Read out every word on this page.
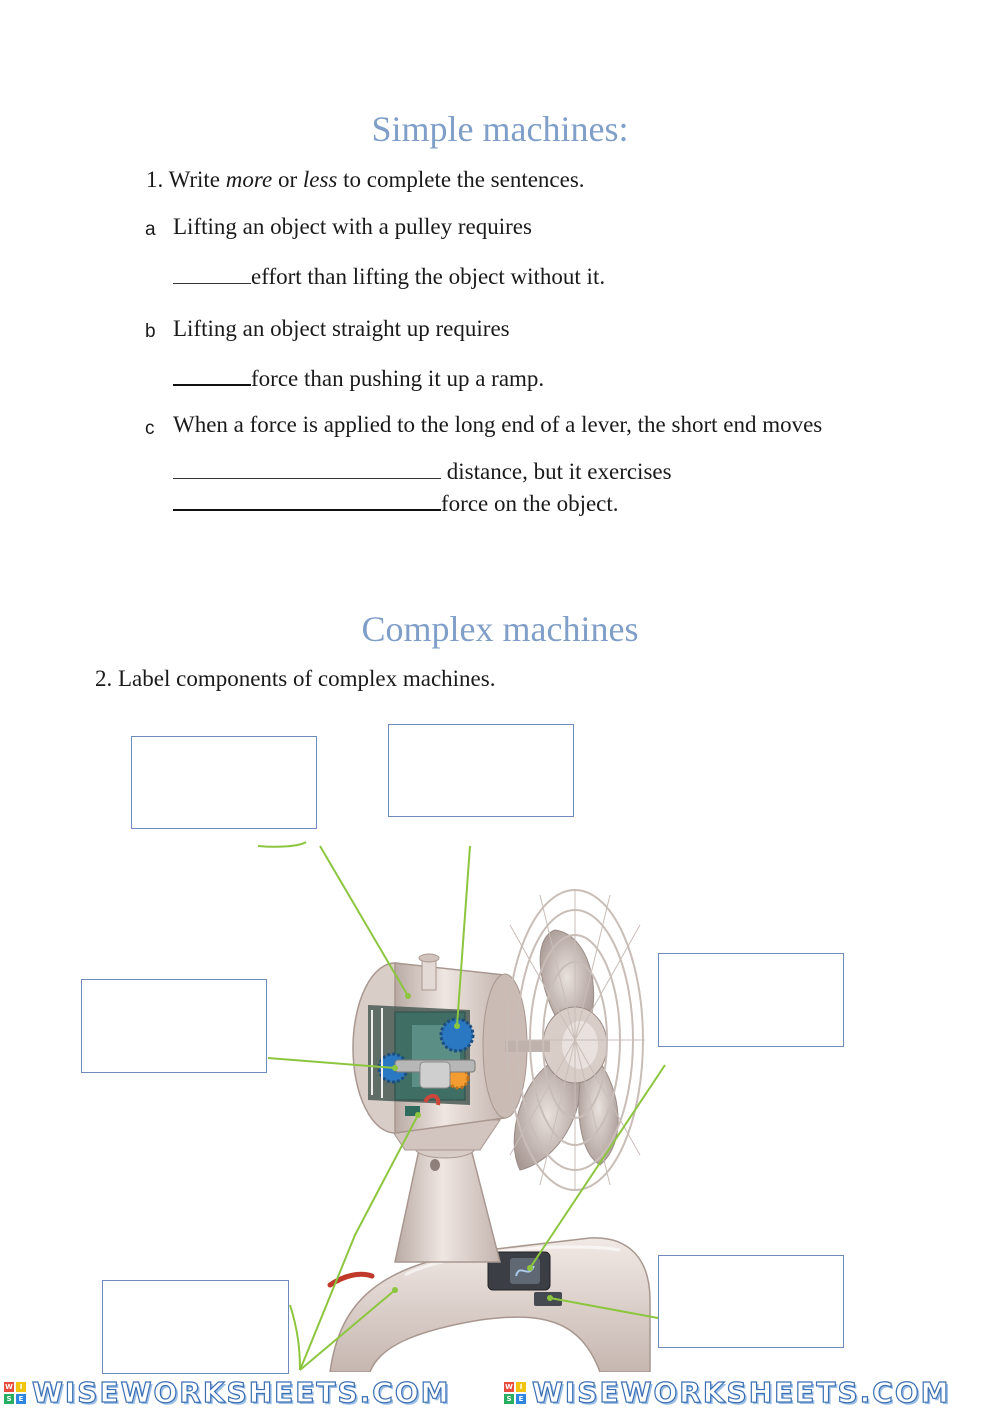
Simple machines:
1. Write more or less to complete the sentences.
a Lifting an object with a pulley requires
effort than lifting the object without it.
b Lifting an object straight up requires
force than pushing it up a ramp.
c When a force is applied to the long end of a lever, the short end moves
distance, but it exercises
force on the object.
Complex machines
2. Label components of complex machines.
W I
S	E WISEWORKSHEETS.COM	W I
S	E WISEWORKSHEETS.COM
